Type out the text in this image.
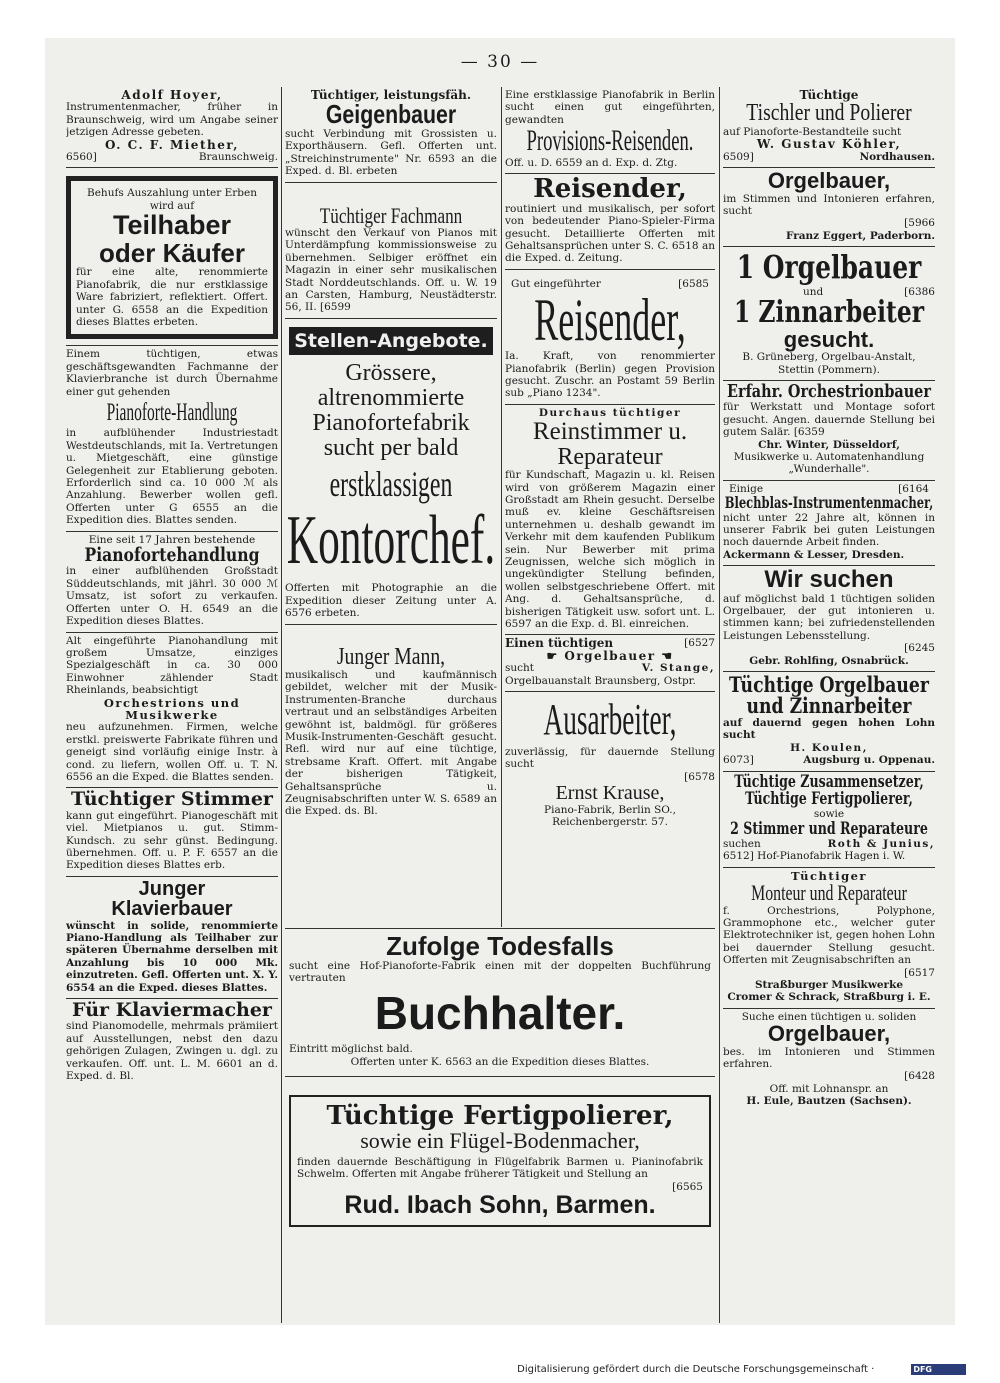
— 30 —

Adolf Hoyer,

Instrumentenmacher, früher in Braunschweig, wird um Angabe seiner jetzigen Adresse gebeten.

O. C. F. Miether,

6560]	Braunschweig.

Behufs Auszahlung unter Erben wird auf

Teilhaber

oder Käufer

für eine alte, renommierte Pianofabrik, die nur erstklassige Ware fabriziert, reflektiert. Offert. unter G. 6558 an die Expedition dieses Blattes erbeten.

Einem tüchtigen, etwas geschäftsgewandten Fachmanne der Klavierbranche ist durch Übernahme einer gut gehenden

Pianoforte-Handlung

in aufblühender Industriestadt Westdeutschlands, mit Ia. Vertretungen u. Mietgeschäft, eine günstige Gelegenheit zur Etablierung geboten. Erforderlich sind ca. 10 000 ℳ als Anzahlung. Bewerber wollen gefl. Offerten unter G 6555 an die Expedition dies. Blattes senden.

Eine seit 17 Jahren bestehende

Pianofortehandlung

in einer aufblühenden Großstadt Süddeutschlands, mit jährl. 30 000 ℳ Umsatz, ist sofort zu verkaufen. Offerten unter O. H. 6549 an die Expedition dieses Blattes.

Alt eingeführte Pianohandlung mit großem Umsatze, einziges Spezialgeschäft in ca. 30 000 Einwohner zählender Stadt Rheinlands, beabsichtigt

Orchestrions und Musikwerke

neu aufzunehmen. Firmen, welche erstkl. preiswerte Fabrikate führen und geneigt sind vorläufig einige Instr. à cond. zu liefern, wollen Off. u. T. N. 6556 an die Exped. die Blattes senden.

Tüchtiger Stimmer

kann gut eingeführt. Pianogeschäft mit viel. Mietpianos u. gut. Stimm-Kundsch. zu sehr günst. Bedingung. übernehmen. Off. u. P. F. 6557 an die Expedition dieses Blattes erb.

Junger

Klavierbauer

wünscht in solide, renommierte Piano-Handlung als Teilhaber zur späteren Übernahme derselben mit Anzahlung bis 10 000 Mk. einzutreten. Gefl. Offerten unt. X. Y. 6554 an die Exped. dieses Blattes.

Für Klaviermacher

sind Pianomodelle, mehrmals prämiiert auf Ausstellungen, nebst den dazu gehörigen Zulagen, Zwingen u. dgl. zu verkaufen. Off. unt. L. M. 6601 an d. Exped. d. Bl.

Tüchtiger, leistungsfäh.

Geigenbauer

sucht Verbindung mit Grossisten u. Exporthäusern. Gefl. Offerten unt. „Streichinstrumente" Nr. 6593 an die Exped. d. Bl. erbeten

Tüchtiger Fachmann

wünscht den Verkauf von Pianos mit Unterdämpfung kommissionsweise zu übernehmen. Selbiger eröffnet ein Magazin in einer sehr musikalischen Stadt Norddeutschlands. Off. u. W. 19 an Carsten, Hamburg, Neustädterstr. 56, II. [6599

Stellen-Angebote.

Grössere, altrenommierte Pianofortefabrik sucht per bald

erstklassigen

Kontorchef.

Offerten mit Photographie an die Expedition dieser Zeitung unter A. 6576 erbeten.

Junger Mann,

musikalisch und kaufmännisch gebildet, welcher mit der Musik-Instrumenten-Branche durchaus vertraut und an selbständiges Arbeiten gewöhnt ist, baldmögl. für größeres Musik-Instrumenten-Geschäft gesucht. Refl. wird nur auf eine tüchtige, strebsame Kraft. Offert. mit Angabe der bisherigen Tätigkeit, Gehaltsansprüche u. Zeugnisabschriften unter W. S. 6589 an die Exped. ds. Bl.

Eine erstklassige Pianofabrik in Berlin sucht einen gut eingeführten, gewandten

Provisions-Reisenden.

Off. u. D. 6559 an d. Exp. d. Ztg.

Reisender,

routiniert und musikalisch, per sofort von bedeutender Piano-Spieler-Firma gesucht. Detaillierte Offerten mit Gehaltsansprüchen unter S. C. 6518 an die Exped. d. Zeitung.

Gut eingeführter	[6585

Reisender,

Ia. Kraft, von renommierter Pianofabrik (Berlin) gegen Provision gesucht. Zuschr. an Postamt 59 Berlin sub „Piano 1234".

Durchaus tüchtiger

Reinstimmer u.

Reparateur

für Kundschaft, Magazin u. kl. Reisen wird von größerem Magazin einer Großstadt am Rhein gesucht. Derselbe muß ev. kleine Geschäftsreisen unternehmen u. deshalb gewandt im Verkehr mit dem kaufenden Publikum sein. Nur Bewerber mit prima Zeugnissen, welche sich möglich in ungekündigter Stellung befinden, wollen selbstgeschriebene Offert. mit Ang. d. Gehaltsansprüche, d. bisherigen Tätigkeit usw. sofort unt. L. 6597 an die Exp. d. Bl. einreichen.

Einen tüchtigen	[6527

☛ Orgelbauer ☚

sucht	V. Stange,

Orgelbauanstalt Braunsberg, Ostpr.

Ausarbeiter,

zuverlässig, für dauernde Stellung sucht

[6578

Ernst Krause,

Piano-Fabrik, Berlin SO.,

Reichenbergerstr. 57.

Zufolge Todesfalls

sucht eine Hof-Pianoforte-Fabrik einen mit der doppelten Buchführung vertrauten

Buchhalter.

Eintritt möglichst bald.

Offerten unter K. 6563 an die Expedition dieses Blattes.

Tüchtige Fertigpolierer,

sowie ein Flügel-Bodenmacher,

finden dauernde Beschäftigung in Flügelfabrik Barmen u. Pianinofabrik Schwelm. Offerten mit Angabe früherer Tätigkeit und Stellung an

[6565

Rud. Ibach Sohn, Barmen.

Tüchtige

Tischler und Polierer

auf Pianoforte-Bestandteile sucht

W. Gustav Köhler,

6509]	Nordhausen.

Orgelbauer,

im Stimmen und Intonieren erfahren, sucht

[5966

Franz Eggert, Paderborn.

1 Orgelbauer

und	[6386

1 Zinnarbeiter

gesucht.

B. Grüneberg, Orgelbau-Anstalt, Stettin (Pommern).

Erfahr. Orchestrionbauer

für Werkstatt und Montage sofort gesucht. Angen. dauernde Stellung bei gutem Salär. [6359

Chr. Winter, Düsseldorf,

Musikwerke u. Automatenhandlung „Wunderhalle".

Einige	[6164

Blechblas-Instrumentenmacher,

nicht unter 22 Jahre alt, können in unserer Fabrik bei guten Leistungen noch dauernde Arbeit finden.

Ackermann & Lesser, Dresden.

Wir suchen

auf möglichst bald 1 tüchtigen soliden Orgelbauer, der gut intonieren u. stimmen kann; bei zufriedenstellenden Leistungen Lebensstellung.

[6245

Gebr. Rohlfing, Osnabrück.

Tüchtige Orgelbauer

und Zinnarbeiter

auf dauernd gegen hohen Lohn sucht

H. Koulen,

6073]	Augsburg u. Oppenau.

Tüchtige Zusammensetzer,

Tüchtige Fertigpolierer,

sowie

2 Stimmer und Reparateure

suchen	Roth & Junius,

6512] Hof-Pianofabrik Hagen i. W.

Tüchtiger

Monteur und Reparateur

f. Orchestrions, Polyphone, Grammophone etc., welcher guter Elektrotechniker ist, gegen hohen Lohn bei dauernder Stellung gesucht. Offerten mit Zeugnisabschriften an

[6517

Straßburger Musikwerke

Cromer & Schrack, Straßburg i. E.

Suche einen tüchtigen u. soliden

Orgelbauer,

bes. im Intonieren und Stimmen erfahren.

[6428

Off. mit Lohnanspr. an

H. Eule, Bautzen (Sachsen).

Digitalisierung gefördert durch die Deutsche Forschungsgemeinschaft ·	DFG
